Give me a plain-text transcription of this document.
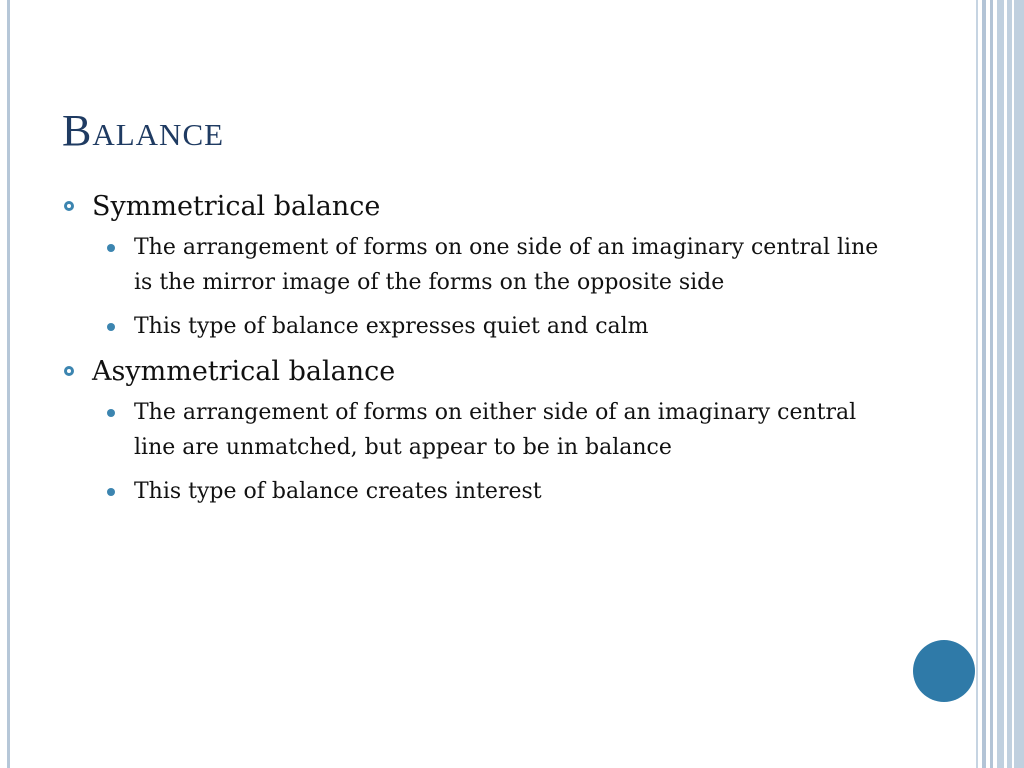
Balance

Symmetrical balance

The arrangement of forms on one side of an imaginary central line is the mirror image of the forms on the opposite side

This type of balance expresses quiet and calm

Asymmetrical balance

The arrangement of forms on either side of an imaginary central line are unmatched, but appear to be in balance

This type of balance creates interest
